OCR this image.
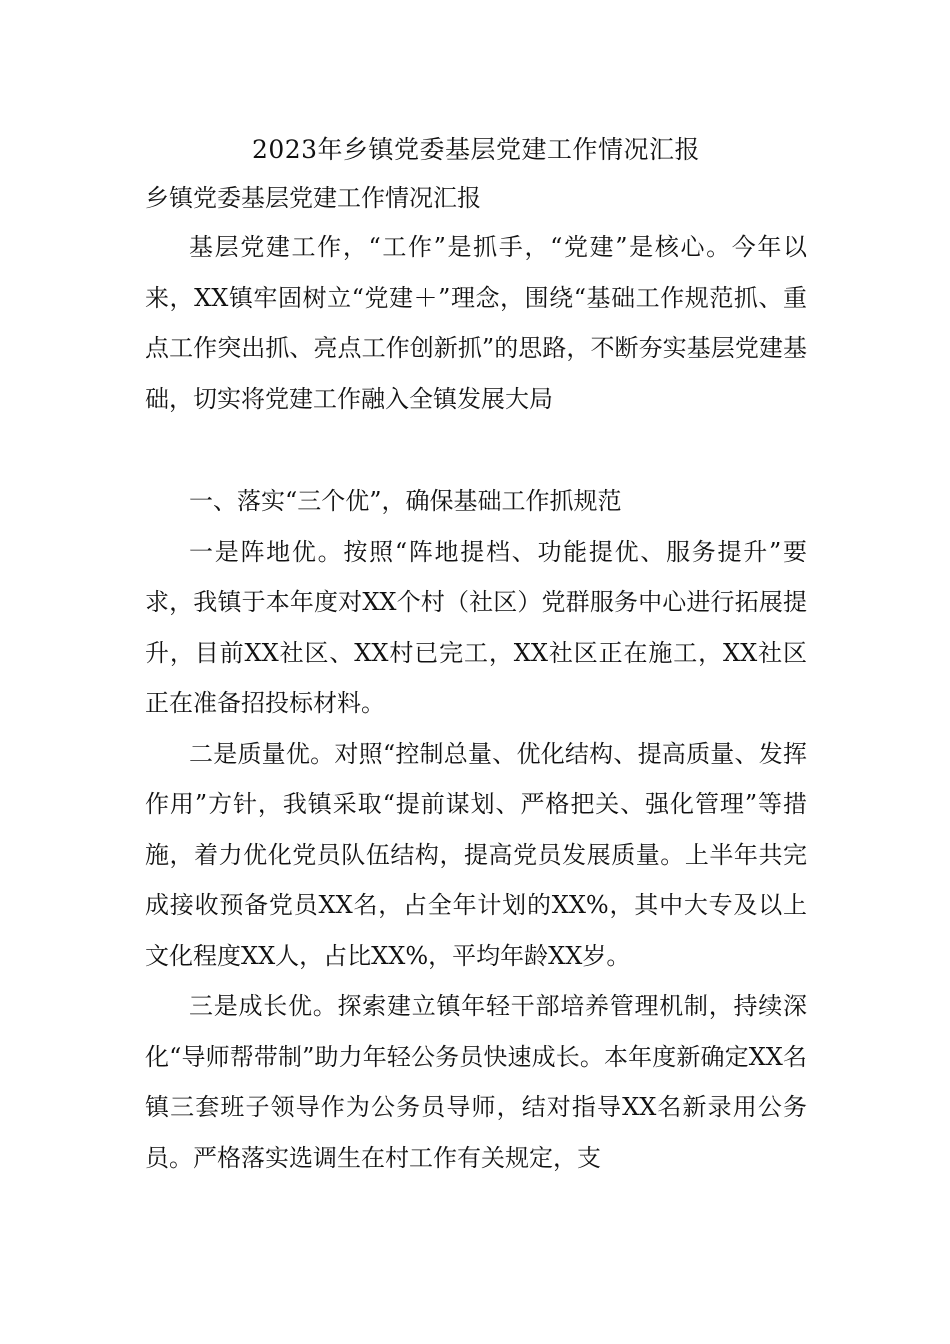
2023年乡镇党委基层党建工作情况汇报

乡镇党委基层党建工作情况汇报

基层党建工作，“工作”是抓手，“党建”是核心。今年以来，XX镇牢固树立“党建＋”理念，围绕“基础工作规范抓、重点工作突出抓、亮点工作创新抓”的思路，不断夯实基层党建基础，切实将党建工作融入全镇发展大局

一、落实“三个优”，确保基础工作抓规范

一是阵地优。按照“阵地提档、功能提优、服务提升”要求，我镇于本年度对XX个村（社区）党群服务中心进行拓展提升，目前XX社区、XX村已完工，XX社区正在施工，XX社区正在准备招投标材料。

二是质量优。对照“控制总量、优化结构、提高质量、发挥作用”方针，我镇采取“提前谋划、严格把关、强化管理”等措施，着力优化党员队伍结构，提高党员发展质量。上半年共完成接收预备党员XX名，占全年计划的XX%，其中大专及以上文化程度XX人，占比XX%，平均年龄XX岁。

三是成长优。探索建立镇年轻干部培养管理机制，持续深化“导师帮带制”助力年轻公务员快速成长。本年度新确定XX名镇三套班子领导作为公务员导师，结对指导XX名新录用公务员。严格落实选调生在村工作有关规定，支
